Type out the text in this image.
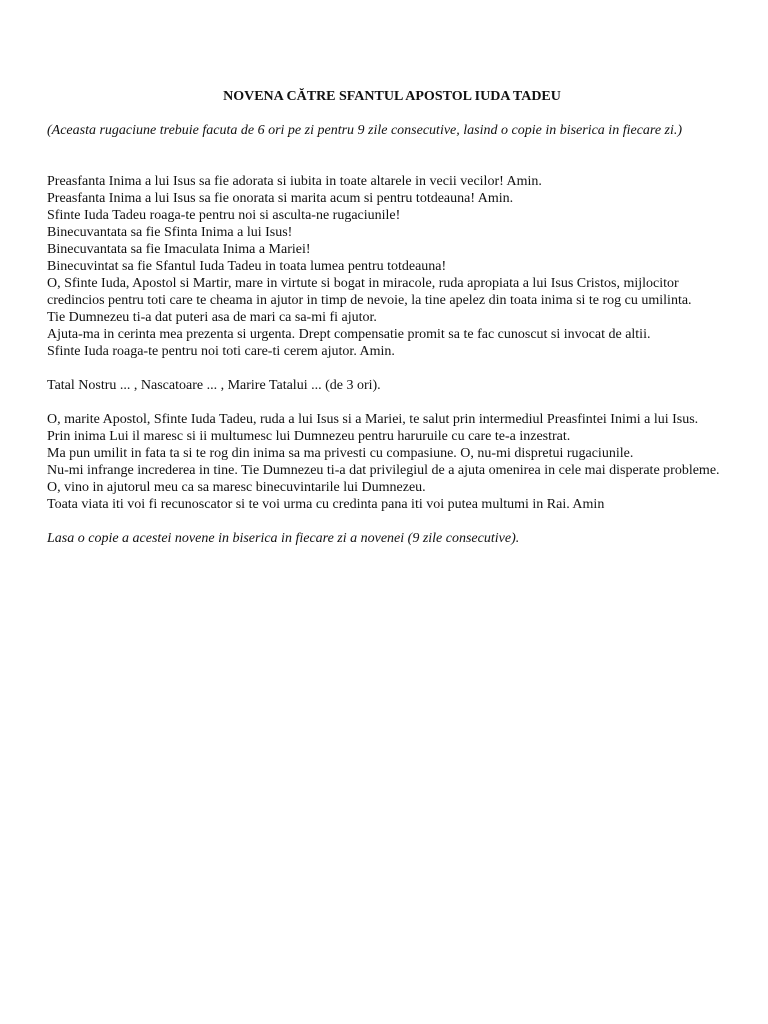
NOVENA CĂTRE SFANTUL APOSTOL IUDA TADEU

(Aceasta rugaciune trebuie facuta de 6 ori pe zi pentru 9 zile consecutive, lasind o copie in biserica in fiecare zi.)

Preasfanta Inima a lui Isus sa fie adorata si iubita in toate altarele in vecii vecilor! Amin.

Preasfanta Inima a lui Isus sa fie onorata si marita acum si pentru totdeauna! Amin.

Sfinte Iuda Tadeu roaga-te pentru noi si asculta-ne rugaciunile!

Binecuvantata sa fie Sfinta Inima a lui Isus!

Binecuvantata sa fie Imaculata Inima a Mariei!

Binecuvintat sa fie Sfantul Iuda Tadeu in toata lumea pentru totdeauna!

O, Sfinte Iuda, Apostol si Martir, mare in virtute si bogat in miracole, ruda apropiata a lui Isus Cristos, mijlocitor credincios pentru toti care te cheama in ajutor in timp de nevoie, la tine apelez din toata inima si te rog cu umilinta.

Tie Dumnezeu ti-a dat puteri asa de mari ca sa-mi fi ajutor.

Ajuta-ma in cerinta mea prezenta si urgenta. Drept compensatie promit sa te fac cunoscut si invocat de altii.

Sfinte Iuda roaga-te pentru noi toti care-ti cerem ajutor. Amin.

Tatal Nostru ... , Nascatoare ... , Marire Tatalui ... (de 3 ori).

O, marite Apostol, Sfinte Iuda Tadeu, ruda a lui Isus si a Mariei, te salut prin intermediul Preasfintei Inimi a lui Isus. Prin inima Lui il maresc si ii multumesc lui Dumnezeu pentru haruruile cu care te-a inzestrat.

Ma pun umilit in fata ta si te rog din inima sa ma privesti cu compasiune. O, nu-mi dispretui rugaciunile.

Nu-mi infrange increderea in tine. Tie Dumnezeu ti-a dat privilegiul de a ajuta omenirea in cele mai disperate probleme. O, vino in ajutorul meu ca sa maresc binecuvintarile lui Dumnezeu.

Toata viata iti voi fi recunoscator si te voi urma cu credinta pana iti voi putea multumi in Rai. Amin

Lasa o copie a acestei novene in biserica in fiecare zi a novenei (9 zile consecutive).
